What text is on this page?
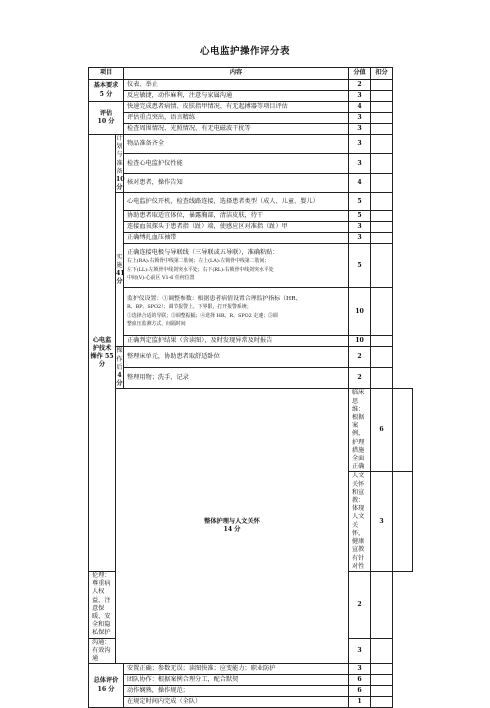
心电监护操作评分表
项目		内容	分值	扣分	

基本要求
5 分		仪表、举止	2		
		反应敏捷，动作麻利，注意与家属沟通	3		

评估
10 分		快速完成患者病情、皮肤指甲情况、有无起搏器等项目评估	4		
		评估重点突出，语言精练	3		
		检查周围情况、光照情况、有无电磁波干扰等	3		
心电监护技术操作 55 分	计划与准备
10 分	物品准备齐全	3		
		检查心电监护仪性能	3		
		核对患者，操作告知	4		

	实施
41 分	心电监护仪开机，检查线路连接，选择患者类型（成人、儿童、婴儿）	5		
		协助患者取适宜体位，暴露胸部，清洁皮肤，待干	5		
		连接血氧探头于患者指（趾）端，使感应区对准指（趾）甲	3		
		正确缚扎血压袖带	3		

		正确连接电极与导联线（三导联或五导联），准确粘贴：
右上(RA):右锁骨中线第二肋间；左上(LA):左锁骨中线第二肋间；
左下(LL):左锁骨中线剑突水平处；右下(RL):右锁骨中线剑突水平处
中间(V):心前区 V1-6 任何位置	5		

		监护仪设置：①调整参数：根据患者病情设置合理监护指标（HR、
R、BP、SPO2）；调节报警上、下界限，打开报警系统；
②选择合适的导联；③调整振幅；④选择 HR、R、SPO2 走速；⑤调
整血压监测方式、间隔时间	10		
		正确判定监护结果（含读图），及时发现异常及时报告	10		

	操作后
4 分	整理床单元，协助患者取舒适卧位	2		
		整理用物；洗手，记录	2		

	整体护理与人文关怀
14 分		临床思维：根据案例，护理措施全面正确	6	
			人文关怀和宣教：体现人文关怀，健康宣教有针对性	3	
伦理：尊重病人权益，注意保暖、安全和隐私保护			2		
沟通：有效沟通			3		

总体评价
16 分		安置正确；参数无误；读图快准；应变能力；职业防护	3		
		团队协作：根据案例合理分工，配合默契	6		
		动作娴熟，操作规范；	6		
		在规定时间内完成（全队）	1		
